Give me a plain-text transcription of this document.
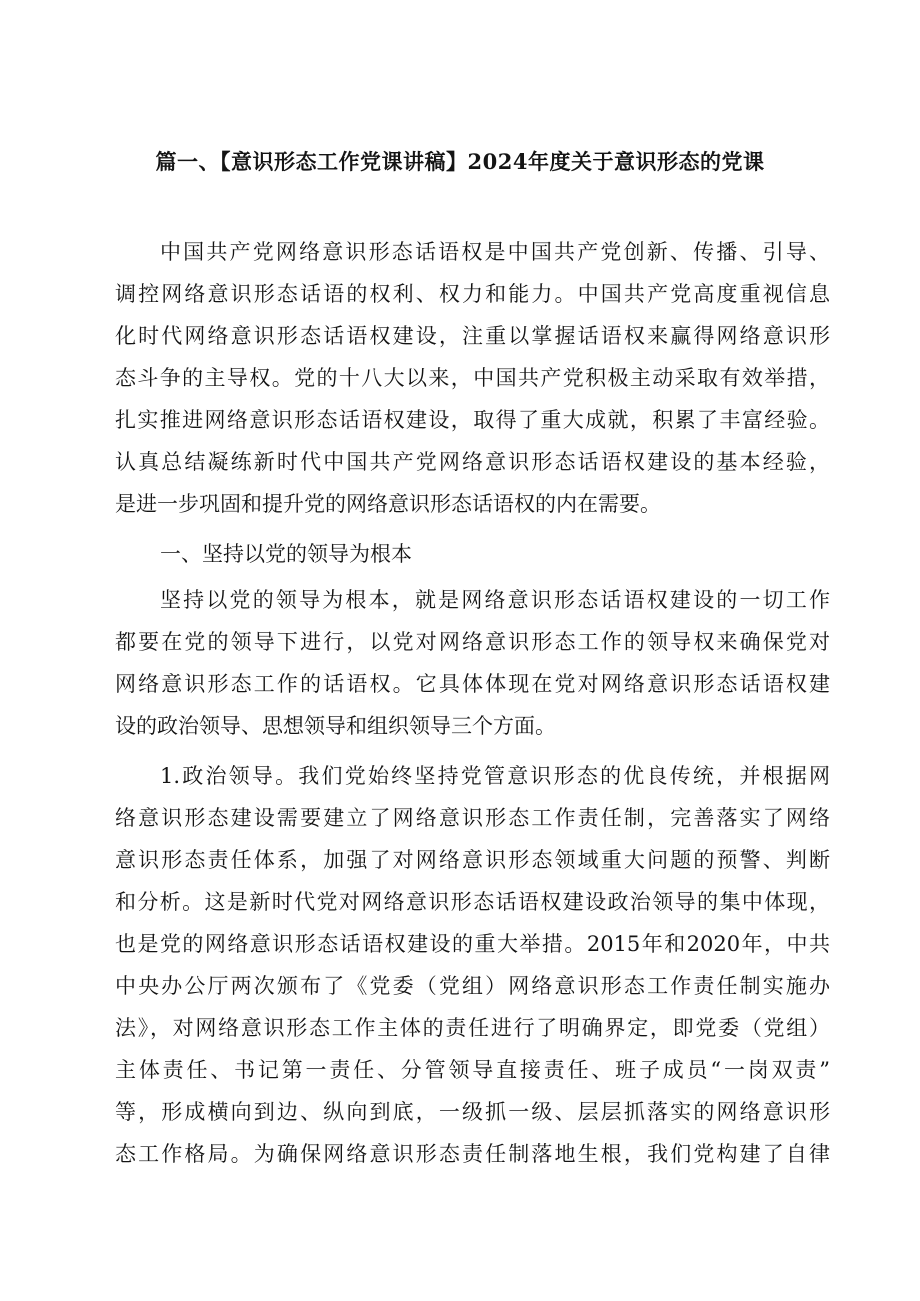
篇一、【意识形态工作党课讲稿】2024年度关于意识形态的党课
中国共产党网络意识形态话语权是中国共产党创新、传播、引导、
调控网络意识形态话语的权利、权力和能力。中国共产党高度重视信息
化时代网络意识形态话语权建设，注重以掌握话语权来赢得网络意识形
态斗争的主导权。党的十八大以来，中国共产党积极主动采取有效举措，
扎实推进网络意识形态话语权建设，取得了重大成就，积累了丰富经验。
认真总结凝练新时代中国共产党网络意识形态话语权建设的基本经验，
是进一步巩固和提升党的网络意识形态话语权的内在需要。
一、坚持以党的领导为根本
坚持以党的领导为根本，就是网络意识形态话语权建设的一切工作
都要在党的领导下进行，以党对网络意识形态工作的领导权来确保党对
网络意识形态工作的话语权。它具体体现在党对网络意识形态话语权建
设的政治领导、思想领导和组织领导三个方面。
1.政治领导。我们党始终坚持党管意识形态的优良传统，并根据网
络意识形态建设需要建立了网络意识形态工作责任制，完善落实了网络
意识形态责任体系，加强了对网络意识形态领域重大问题的预警、判断
和分析。这是新时代党对网络意识形态话语权建设政治领导的集中体现，
也是党的网络意识形态话语权建设的重大举措。2015年和2020年，中共
中央办公厅两次颁布了《党委（党组）网络意识形态工作责任制实施办
法》，对网络意识形态工作主体的责任进行了明确界定，即党委（党组）
主体责任、书记第一责任、分管领导直接责任、班子成员“一岗双责”
等，形成横向到边、纵向到底，一级抓一级、层层抓落实的网络意识形
态工作格局。为确保网络意识形态责任制落地生根，我们党构建了自律
